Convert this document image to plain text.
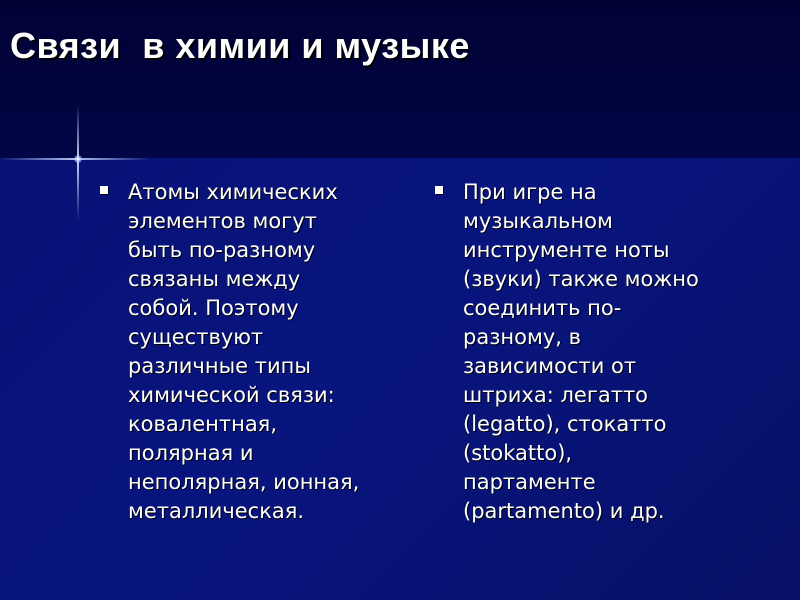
Связи  в химии и музыке

Атомы химических
элементов могут
быть по-разному
связаны между
собой. Поэтому
существуют
различные типы
химической связи:
ковалентная,
полярная и
неполярная, ионная,
металлическая.

При игре на
музыкальном
инструменте ноты
(звуки) также можно
соединить по-
разному, в
зависимости от
штриха: легатто
(legatto), стокатто
(stokatto),
партаменте
(partamento) и др.
